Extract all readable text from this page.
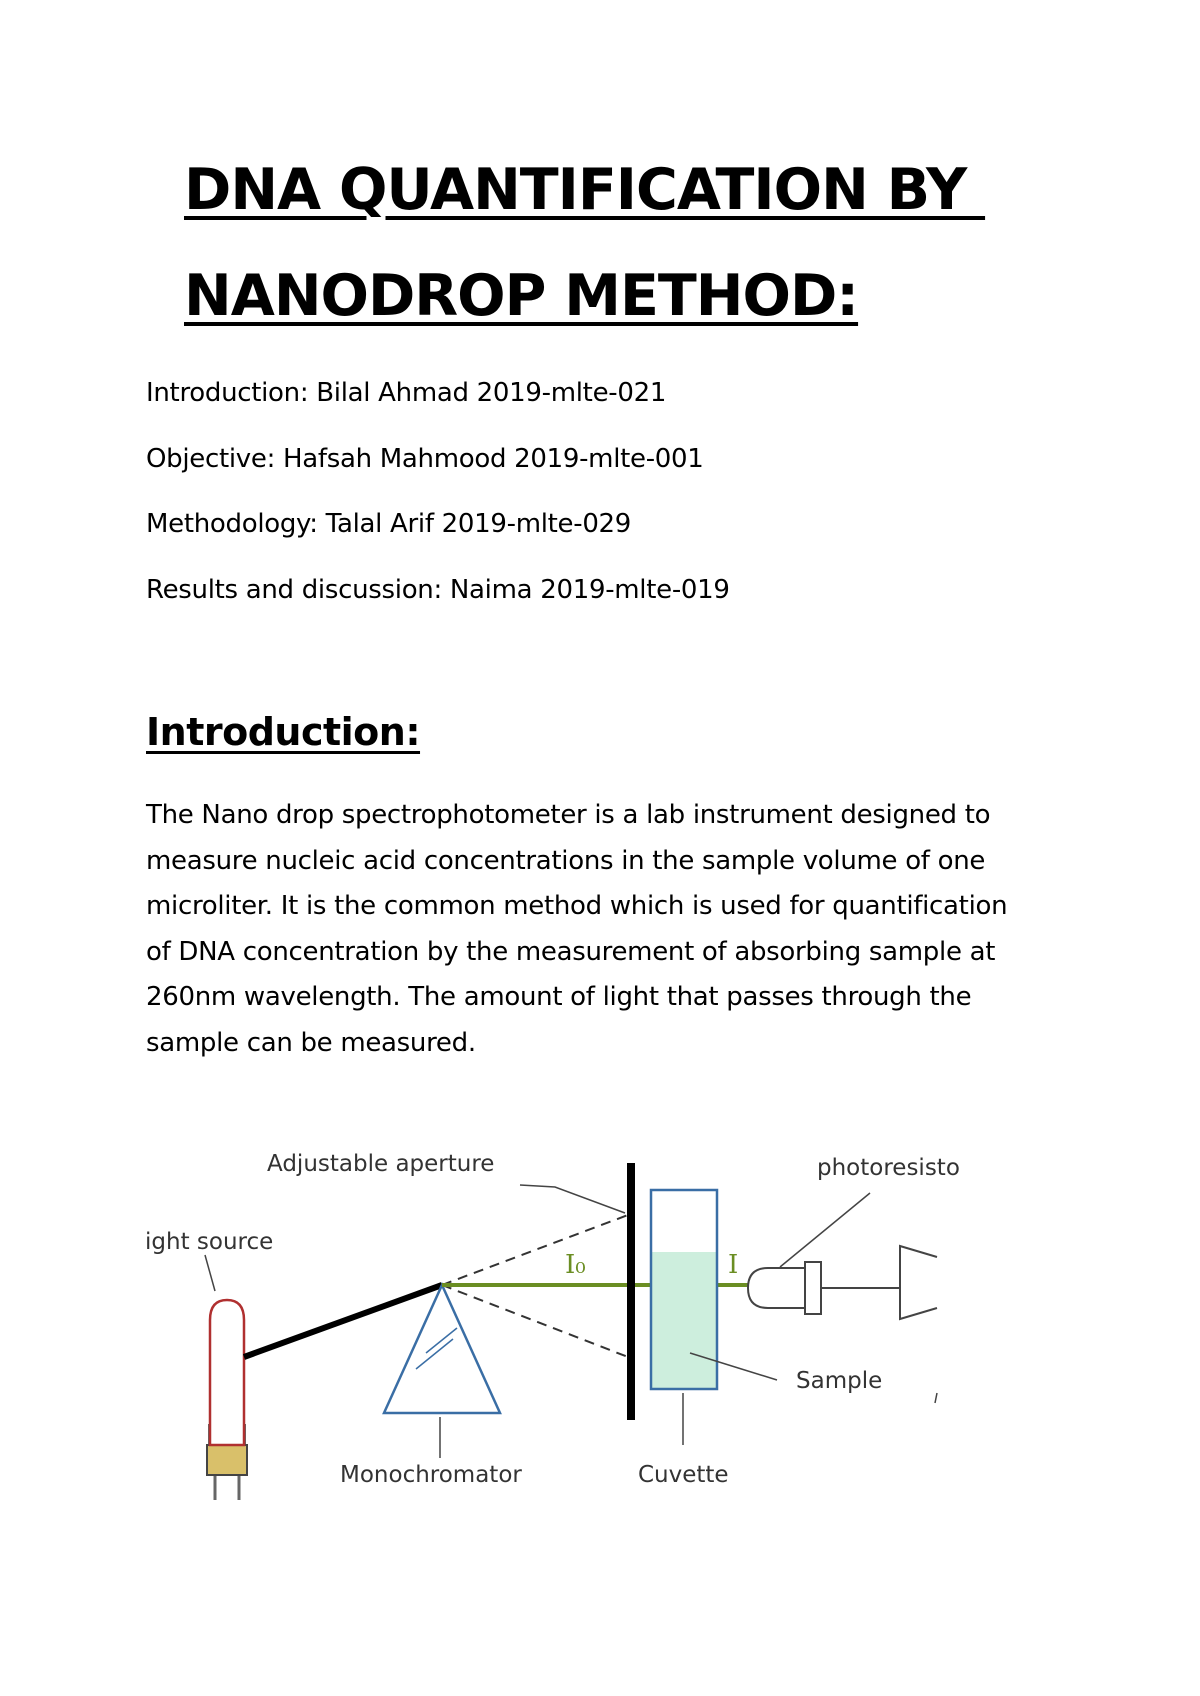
DNA QUANTIFICATION BY
NANODROP METHOD:

Introduction: Bilal Ahmad 2019-mlte-021

Objective: Hafsah Mahmood 2019-mlte-001

Methodology: Talal Arif 2019-mlte-029

Results and discussion: Naima 2019-mlte-019

Introduction:
The Nano drop spectrophotometer is a lab instrument designed to
measure nucleic acid concentrations in the sample volume of one
microliter. It is the common method which is used for quantification
of DNA concentration by the measurement of absorbing sample at
260nm wavelength. The amount of light that passes through the
sample can be measured.
Adjustable aperture	photoresisto
ight source
I₀	I
Sample
Monochromator	Cuvette
